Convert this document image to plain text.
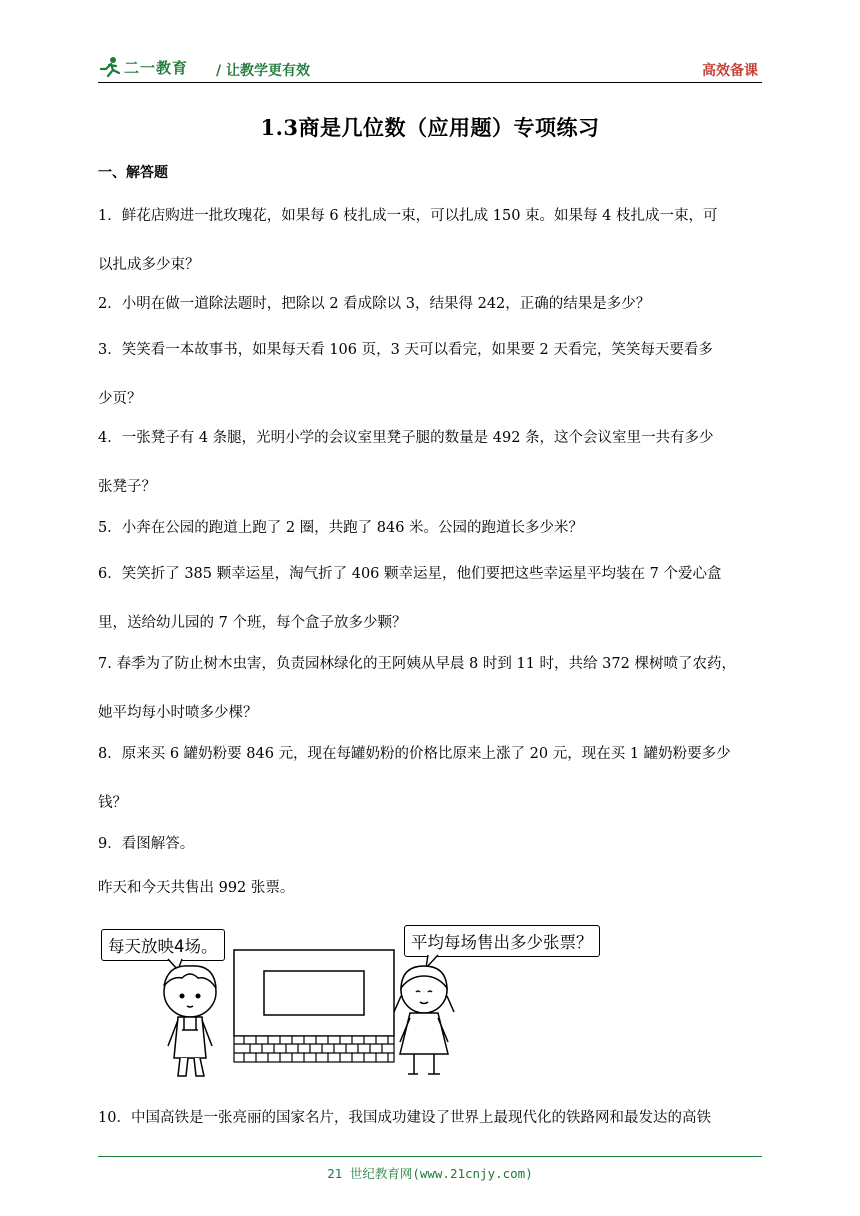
二一教育 / 让教学更有效	高效备课
1.3商是几位数（应用题）专项练习
一、解答题
1．鲜花店购进一批玫瑰花，如果每 6 枝扎成一束，可以扎成 150 束。如果每 4 枝扎成一束，可
以扎成多少束？
2．小明在做一道除法题时，把除以 2 看成除以 3，结果得 242，正确的结果是多少？
3．笑笑看一本故事书，如果每天看 106 页，3 天可以看完，如果要 2 天看完，笑笑每天要看多
少页？
4．一张凳子有 4 条腿，光明小学的会议室里凳子腿的数量是 492 条，这个会议室里一共有多少
张凳子？
5．小奔在公园的跑道上跑了 2 圈，共跑了 846 米。公园的跑道长多少米？
6．笑笑折了 385 颗幸运星，淘气折了 406 颗幸运星，他们要把这些幸运星平均装在 7 个爱心盒
里，送给幼儿园的 7 个班，每个盒子放多少颗？
7. 春季为了防止树木虫害，负责园林绿化的王阿姨从早晨 8 时到 11 时，共给 372 棵树喷了农药，
她平均每小时喷多少棵？
8．原来买 6 罐奶粉要 846 元，现在每罐奶粉的价格比原来上涨了 20 元，现在买 1 罐奶粉要多少
钱？
9．看图解答。
昨天和今天共售出 992 张票。
每天放映4场。	平均每场售出多少张票？
10．中国高铁是一张亮丽的国家名片，我国成功建设了世界上最现代化的铁路网和最发达的高铁
21 世纪教育网(www.21cnjy.com)
